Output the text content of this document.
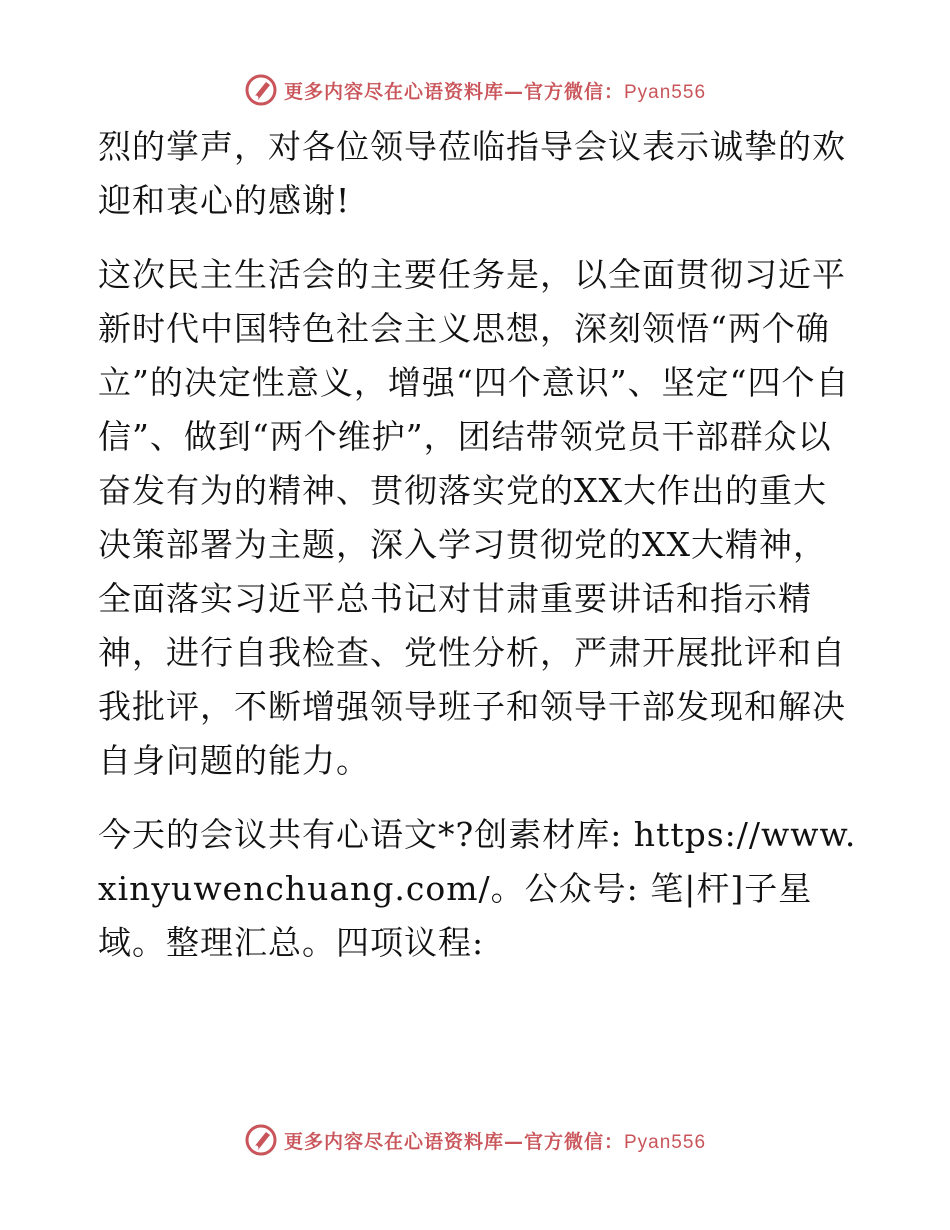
更多内容尽在心语资料库—官方微信：Pyan556

烈的掌声，对各位领导莅临指导会议表示诚挚的欢迎和衷心的感谢!

这次民主生活会的主要任务是，以全面贯彻习近平新时代中国特色社会主义思想，深刻领悟“两个确立”的决定性意义，增强“四个意识”、坚定“四个自信”、做到“两个维护”，团结带领党员干部群众以奋发有为的精神、贯彻落实党的XX大作出的重大决策部署为主题，深入学习贯彻党的XX大精神，全面落实习近平总书记对甘肃重要讲话和指示精神，进行自我检查、党性分析，严肃开展批评和自我批评，不断增强领导班子和领导干部发现和解决自身问题的能力。

今天的会议共有心语文*?创素材库: https://www.xinyuwenchuang.com/。公众号: 笔|杆]子星域。整理汇总。四项议程:

更多内容尽在心语资料库—官方微信：Pyan556
